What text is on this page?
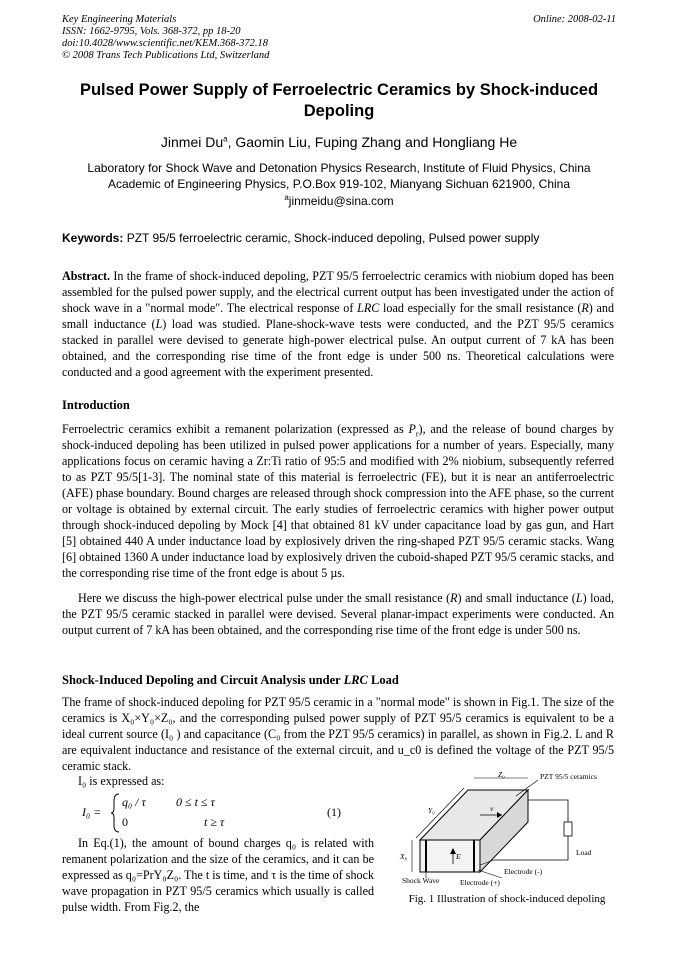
Key Engineering Materials
ISSN: 1662-9795, Vols. 368-372, pp 18-20
doi:10.4028/www.scientific.net/KEM.368-372.18
© 2008 Trans Tech Publications Ltd, Switzerland
Online: 2008-02-11
Pulsed Power Supply of Ferroelectric Ceramics by Shock-induced Depoling
Jinmei Du$^a$, Gaomin Liu, Fuping Zhang and Hongliang He
Laboratory for Shock Wave and Detonation Physics Research, Institute of Fluid Physics, China
Academic of Engineering Physics, P.O.Box 919-102, Mianyang Sichuan 621900, China
$^a$jinmeidu@sina.com
Keywords: PZT 95/5 ferroelectric ceramic, Shock-induced depoling, Pulsed power supply
Abstract. In the frame of shock-induced depoling, PZT 95/5 ferroelectric ceramics with niobium doped has been assembled for the pulsed power supply, and the electrical current output has been investigated under the action of shock wave in a "normal mode". The electrical response of LRC load especially for the small resistance (R) and small inductance (L) load was studied. Plane-shock-wave tests were conducted, and the PZT 95/5 ceramics stacked in parallel were devised to generate high-power electrical pulse. An output current of 7 kA has been obtained, and the corresponding rise time of the front edge is under 500 ns. Theoretical calculations were conducted and a good agreement with the experiment presented.
Introduction
Ferroelectric ceramics exhibit a remanent polarization (expressed as $P_r$), and the release of bound charges by shock-induced depoling has been utilized in pulsed power applications for a number of years. Especially, many applications focus on ceramic having a Zr:Ti ratio of 95:5 and modified with 2% niobium, subsequently referred to as PZT 95/5[1-3]. The nominal state of this material is ferroelectric (FE), but it is near an antiferroelectric (AFE) phase boundary. Bound charges are released through shock compression into the AFE phase, so the current or voltage is obtained by external circuit. The early studies of ferroelectric ceramics with higher power output through shock-induced depoling by Mock [4] that obtained 81 kV under capacitance load by gas gun, and Hart [5] obtained 440 A under inductance load by explosively driven the ring-shaped PZT 95/5 ceramic stacks. Wang [6] obtained 1360 A under inductance load by explosively driven the cuboid-shaped PZT 95/5 ceramic stacks, and the corresponding rise time of the front edge is about 5 µs.
Here we discuss the high-power electrical pulse under the small resistance (R) and small inductance (L) load, the PZT 95/5 ceramic stacked in parallel were devised. Several planar-impact experiments were conducted. An output current of 7 kA has been obtained, and the corresponding rise time of the front edge is under 500 ns.
Shock-Induced Depoling and Circuit Analysis under LRC Load
The frame of shock-induced depoling for PZT 95/5 ceramic in a "normal mode" is shown in Fig.1. The size of the ceramics is X₀×Y₀×Z₀, and the corresponding pulsed power supply of PZT 95/5 ceramics is equivalent to be a ideal current source (I₀ ) and capacitance (C₀ from the PZT 95/5 ceramics) in parallel, as shown in Fig.2. L and R are equivalent inductance and resistance of the external circuit, and u_c0 is defined the voltage of the PZT 95/5 ceramic stack.
I₀ is expressed as:
I₀ =
q₀ / τ	0 ≤ t ≤ τ
0	t ≥ τ
(1)
In Eq.(1), the amount of bound charges q₀ is related with remanent polarization and the size of the ceramics, and it can be expressed as q₀=PrY₀Z₀. The t is time, and τ is the time of shock wave propagation in PZT 95/5 ceramics which usually is called pulse width. From Fig.2, the
PZT 95/5 ceramics
Z₀
Y₀
X₀
v
E	Load
Electrode (-)
Electrode (+)
Shock Wave
Fig. 1 Illustration of shock-induced depoling
